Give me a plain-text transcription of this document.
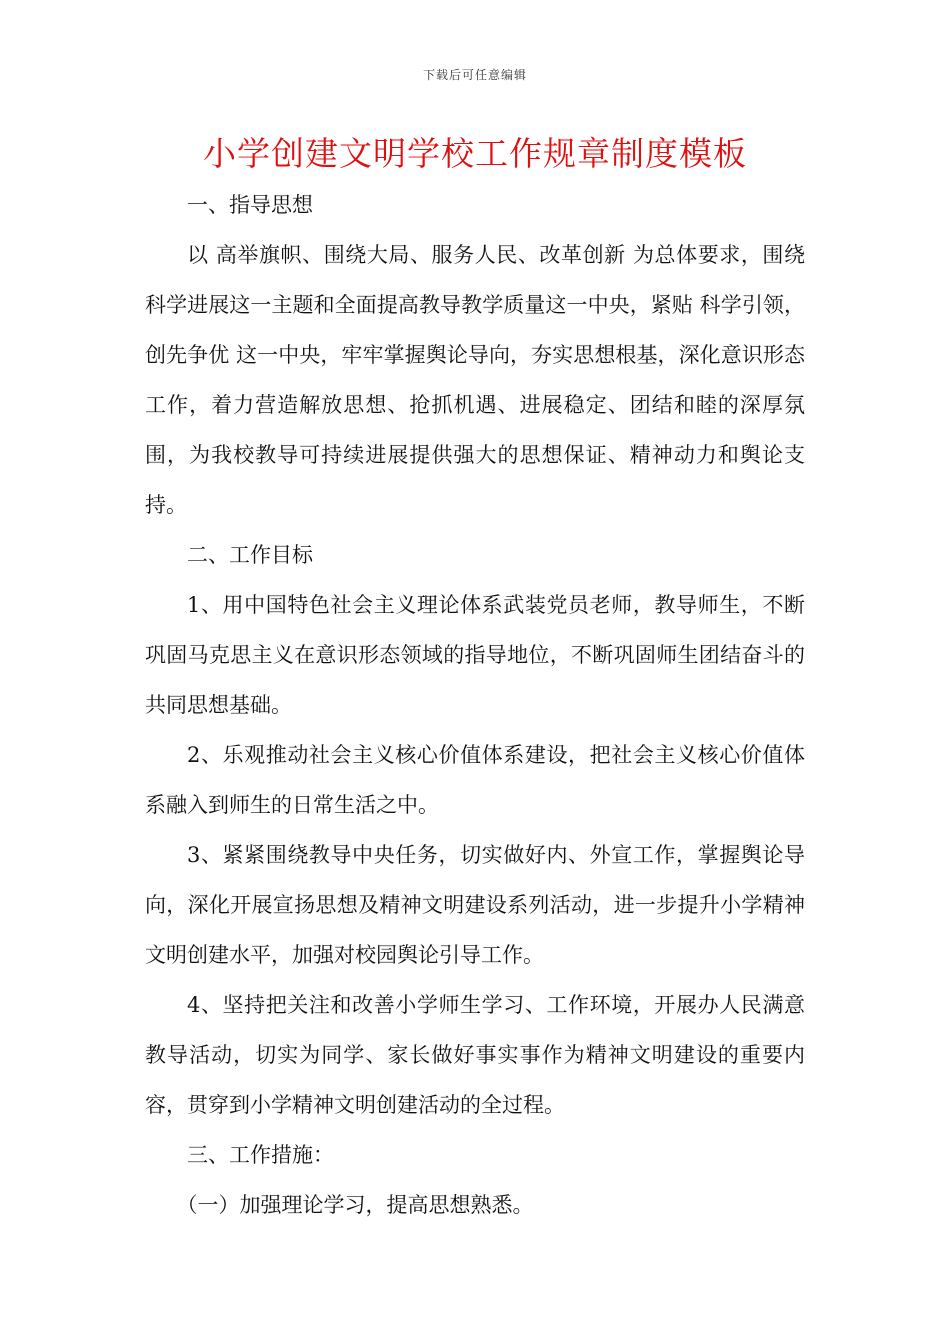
下载后可任意编辑
小学创建文明学校工作规章制度模板

一、指导思想

以 高举旗帜、围绕大局、服务人民、改革创新 为总体要求，围绕科学进展这一主题和全面提高教导教学质量这一中央，紧贴 科学引领，创先争优 这一中央，牢牢掌握舆论导向，夯实思想根基，深化意识形态工作，着力营造解放思想、抢抓机遇、进展稳定、团结和睦的深厚氛围，为我校教导可持续进展提供强大的思想保证、精神动力和舆论支持。

二、工作目标

1、用中国特色社会主义理论体系武装党员老师，教导师生，不断巩固马克思主义在意识形态领域的指导地位，不断巩固师生团结奋斗的共同思想基础。

2、乐观推动社会主义核心价值体系建设，把社会主义核心价值体系融入到师生的日常生活之中。

3、紧紧围绕教导中央任务，切实做好内、外宣工作，掌握舆论导向，深化开展宣扬思想及精神文明建设系列活动，进一步提升小学精神文明创建水平，加强对校园舆论引导工作。

4、坚持把关注和改善小学师生学习、工作环境，开展办人民满意教导活动，切实为同学、家长做好事实事作为精神文明建设的重要内容，贯穿到小学精神文明创建活动的全过程。

三、工作措施：

（一）加强理论学习，提高思想熟悉。
